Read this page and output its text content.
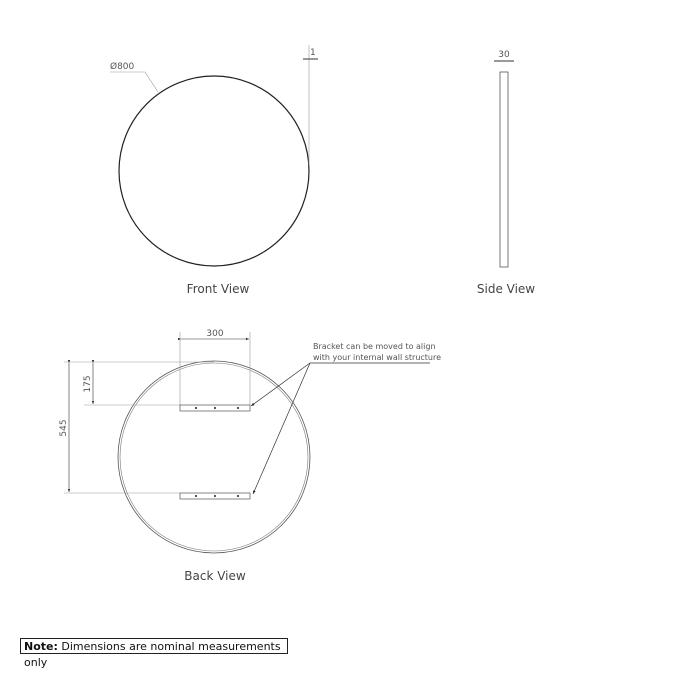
Ø800
1
Front View
30
Side View
300
175
545
Bracket can be moved to align
with your internal wall structure
Back View
Note: Dimensions are nominal measurements only
